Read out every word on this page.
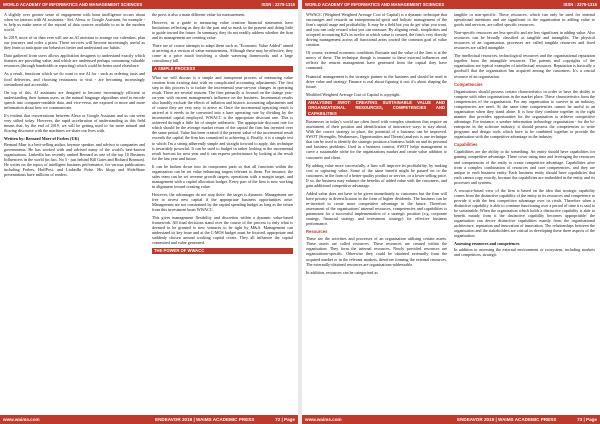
WORLD ACADEMY OF INFORMATICS AND MANAGEMENT SCIENCES	ISSN : 2278-1315

A slightly over greater sense of engagement with bona intelligence occurs about when we interact with AI assistants - Siri, Alexa, or Google Assistant, for example - to help us make sense of the myriad of data sources available to us in the modern world.

In 2019, more of us than ever will use an AI assistant to arrange our calendars, plan our journeys and order a pizza. These services will become increasingly useful as they learn to anticipate our behaviors better and understand our habits.

Data gathered from users allows application designers to understand exactly which features are providing value, and which are underused perhaps consuming valuable resources (through bandwidth or reporting) which could be better used elsewhere.

As a result, functions which we do want to use AI for - such as ordering taxis and food deliveries, and choosing restaurants to visit - are becoming increasingly streamlined and accessible.

On top of this, AI assistants are designed to become increasingly efficient at understanding their human users, as the natural language algorithms used to encode speech into computer-readable data, and vice-versa, are exposed to more and more information about how we communicate.

It's evident that conversations between Alexa or Google Assistant and us can seem very stilted today. However, the rapid acceleration of understanding in this field means that, by the end of 2019, we will be getting used to far more natural and flowing discourse with the machines we share our lives with.

Written by: Bernard Marr of Forbes (UK)

Bernard Marr is a best-selling author, keynote speaker, and advisor to companies and governments. He has worked with and advised many of the world's best-known organisations. LinkedIn has recently ranked Bernard as one of the top 10 Business Influencers in the world (in fact, No 5 - just behind Bill Gates and Richard Branson). He writes on the topics of intelligent business performance, for various publications including Forbes, HuffPost, and LinkedIn Pulse. His blogs and SlideShare presentations have millions of readers.

the press is also a main different value for measurement.

However, as a guide to measuring value creation financial statements have limitations reflecting as they do the past and so mask so the present and doing little to guide toward the future. In summary, they do not readily address whether the firm and its management are creating value.

There are of course attempts to adapt them such as "Economic Value Added" aimed at arriving at a version of value measurement. Although these may be effective, they come at a price much involving a shade wavering frameworks and a large consultancy bill.

A SIMPLE PROCESS

What we will discuss is a simple and transparent process of measuring value creation from existing data with no complicated accounting adjustments. The first step in this process is to isolate the incremental year-on-year changes in operating result. There are several reasons. The firm primarily is focused on the change year-on-year with current management's influence on the business. Incremental results also handily exclude the effects of inflation and historic accounting adjustments and of course they are very easy to arrive at. Once the incremental operating result is arrived at it needs to be converted into a bare operating rate by dividing by the incremental capital employed. WWACC is the appropriate discount rate. This is achieved through a little bit of simple arithmetic. The appropriate discount rate for which should be the average market return of the capital the firm has invested over the same period. Value has been created if the present value of the incremental result exceeds the capital the firm has committed to achieving it. Finally, it is a simple test to which I'm a strong adherently simple and straight forward to apply, this technique is invariably powerful. It can be used to budget in rather looking at the incremental result forecast for next year and it can express performance by looking at the result for the last year and future.

It can be broken down into its component parts so that all functions within the organization can be set value enhancing targets relevant to them. For instance, the sales team can be set revenue growth targets; operations with a margin target, and management with a capital allocation budget. Every part of the firm is now working in alignment toward creating value.

However, the advantages do not stop there: the target is dynamic. Management are free to invest new capital if the appropriate business opportunities arise. Management are not constrained by the capital spending budget as long as the return from this investment beats WWACC.

This gives management flexibility and discretion within a dynamic value-based framework. All final decisions stand over the course of the process to only what is deemed to be granted to new ventures to be tight by M&A. Management can understand its key issue and at the C-MOS budget must be focused, appropriate and suddenly chosen around working capital create. They all influence the capital committed and value generated.

THE POWER OF WWACC
www.waims.com	ENDEAVOR 2019 | WAIMS ACADEMIC PRESS	72 | Page
WORLD ACADEMY OF INFORMATICS AND MANAGEMENT SCIENCES	ISSN : 2278-1315

WWACC (Weighted Weighted Average Cost of Capital) is a dynamic technique that encourages and rewards an entrepreneurial spirit and holistic management of the firm's capital usage and profitability. It may be a field but you do get what you want, and you can only reward what you can measure. By aligning result, simplicities and accepted accounting K2's in twelve at which value is created, the firm's very directly driving management across all functional areas toward the common goal of value creation.

Of course, external economic conditions fluctuate and the value of the firm is at the mercy of these. The technique though is immune to these external influences and reflects the returns management have generated from the capital they have command.

Financial management is the strategic partner to the business and should be used to drive value and strategy. Finance is real about figuring it out; it's about shaping the future.

Modified Weighted Average Cost of Capital is copyright.

ANALYSING SWOT: CREATING SUSTAINABLE VALUE AND ORGANIZATIONAL RESOURCES, COMPETENCIES AND CAPABILITIES

Businesses in today's world are often faced with complex situations that require an assessment of their position and identification of innovative ways to stay ahead. With the correct strategy in place, the potential of a business can be improved. SWOT (Strengths, Weaknesses, Opportunities and Threats) analysis is one technique that can be used to identify the strategic position a business holds on and its personal and business problems. Used in a business context, SWOT helps management to carve a sustainable niche for the organizations market and create value addition to customers and client.

By adding value more successfully, a firm will improve its profitability, by making cost or capturing value. Some of the same benefit might be passed on to the customers, in the form of a better-quality product or service, or a lower selling price. If so, the business may enhance the benefits of added value with the customers, and gain additional competitive advantage.

Added value does not have to be given immediately to customers but the firm will have priority in diversification in the form of higher dividends. The business can be re-invested to create more competitive advantage in the future. Therefore, assessment of the organisations' internal resources, competencies and capabilities is paramount for a successful implementation of a strategic position (e.g. corporate strategy, financial strategy and investment strategy) for effective business performance.

Resources

These are the activities and processes of an organisation utilising certain assets. These assets are called resources. These resources are created within the organisation. They form the internal resources. Newly provided resources are organisations-specific. Otherwise they could be obtained externally from the acquired market or in the relevant markets, therefore forming the external resources. The externally-obtained resources are organisations-addressable.

In addition, resources can be categorised as

tangible or non-specific. These resources, which can only be used for internal operational intentions and are significant to the organisation in adding value to goods and services, are called specific resources.

Non-specific resources are less specific and are less significant in adding value. Also resources can be broadly classified as tangible and intangible. The physical resources of an organisation, processes are called tangible resources and fixed resources are called intangible.

The intellectual resources, technological resources and the organisational reputation together form the intangible resources. The patents and copyrights of the organisation are typical examples of intellectual resources. Reputation is basically a goodwill that the organisation has acquired among the customers. It's a crucial resource of an organisation.

Competencies

Organisations should possess certain characteristics in order to have the ability to compete with other organisations in the market place. These characteristics form the competencies of the organisation. For any organisation to survive in an industry, competencies are need. At the same time competencies cannot be useful to an organisation when they stand alone. It is how they combine together in the right manner that provides opportunities for the organisation to achieve competitive advantage. For instance, a weaker information technology organisation - for the hi-enterprise in the software industry, it should possess the competencies to write programs and design tools which have to be combined together to provide the organisation with the competitive advantage in the industry.

Capabilities

Capabilities are the ability to do something. An entity should have capabilities for gaining competitive advantage. These cover using time and leveraging the resources and competencies of the entity to create competitive advantage. Capabilities arise from a complex combination of resources and core competencies, and they are unique to each business entity. Each business entity should have capabilities that each cannot copy exactly, because the capabilities are embedded in the entity and its processes and systems.

A resource-based view of the firm is based on the idea that strategic capability comes from the distinctive capability of the entity in its resources and competence to provide it with the best competitive advantage over its rivals. Therefore when a distinctive capability is able to continue functioning over a period of time it is said to be sustainable. When the organisation which holds a distinctive capability is able to benefit mainly from it the distinctive capability becomes appropriable: the organisation can derive distinctive capabilities mainly from the organisational architecture, reputation and innovation of innovation. The relationships between the organisation and the stakeholders are critical in developing these three aspects of the organisation.

Assessing resources and competences

In addition to assessing the external environment or ecosystem, including markets and competitors, strategic

www.waims.com	ENDEAVOR 2019 | WAIMS ACADEMIC PRESS	73 | Page
